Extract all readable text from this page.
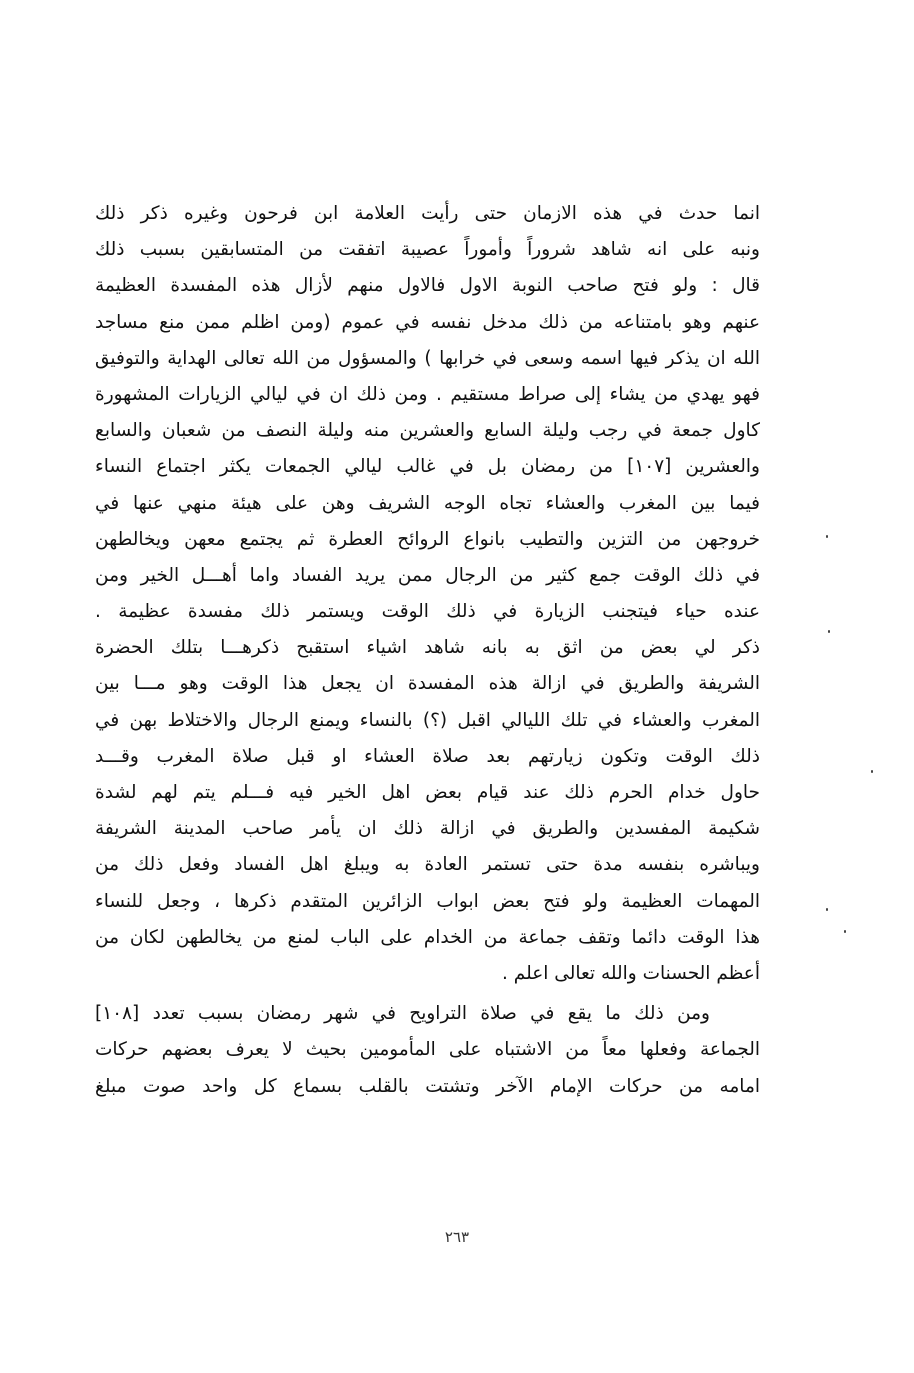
انما حدث في هذه الازمان حتى رأيت العلامة ابن فرحون وغيره ذكر ذلك
ونبه على انه شاهد شروراً وأموراً عصيبة اتفقت من المتسابقين بسبب ذلك
قال : ولو فتح صاحب النوبة الاول فالاول منهم لأزال هذه المفسدة العظيمة
عنهم وهو بامتناعه من ذلك مدخل نفسه في عموم (ومن اظلم ممن منع مساجد
الله ان يذكر فيها اسمه وسعى في خرابها ) والمسؤول من الله تعالى الهداية والتوفيق
فهو يهدي من يشاء إلى صراط مستقيم . ومن ذلك ان في ليالي الزيارات المشهورة
كاول جمعة في رجب وليلة السابع والعشرين منه وليلة النصف من شعبان والسابع
والعشرين [١٠٧] من رمضان بل في غالب ليالي الجمعات يكثر اجتماع النساء
فيما بين المغرب والعشاء تجاه الوجه الشريف وهن على هيئة منهي عنها في
خروجهن من التزين والتطيب بانواع الروائح العطرة ثم يجتمع معهن ويخالطهن
في ذلك الوقت جمع كثير من الرجال ممن يريد الفساد واما أهـــل الخير ومن
عنده حياء فيتجنب الزيارة في ذلك الوقت ويستمر ذلك مفسدة عظيمة .
ذكر لي بعض من اثق به بانه شاهد اشياء استقبح ذكرهـــا بتلك الحضرة
الشريفة والطريق في ازالة هذه المفسدة ان يجعل هذا الوقت وهو مـــا بين
المغرب والعشاء في تلك الليالي اقبل (؟) بالنساء ويمنع الرجال والاختلاط بهن في
ذلك الوقت وتكون زيارتهم بعد صلاة العشاء او قبل صلاة المغرب وقـــد
حاول خدام الحرم ذلك عند قيام بعض اهل الخير فيه فـــلم يتم لهم لشدة
شكيمة المفسدين والطريق في ازالة ذلك ان يأمر صاحب المدينة الشريفة
ويباشره بنفسه مدة حتى تستمر العادة به ويبلغ اهل الفساد وفعل ذلك من
المهمات العظيمة ولو فتح بعض ابواب الزائرين المتقدم ذكرها ، وجعل للنساء
هذا الوقت دائما وتقف جماعة من الخدام على الباب لمنع من يخالطهن لكان من
أعظم الحسنات والله تعالى اعلم .
ومن ذلك ما يقع في صلاة التراويح في شهر رمضان بسبب تعدد [١٠٨]
الجماعة وفعلها معاً من الاشتباه على المأمومين بحيث لا يعرف بعضهم حركات
امامه من حركات الإمام الآخر وتشتت بالقلب بسماع كل واحد صوت مبلغ
٢٦٣
